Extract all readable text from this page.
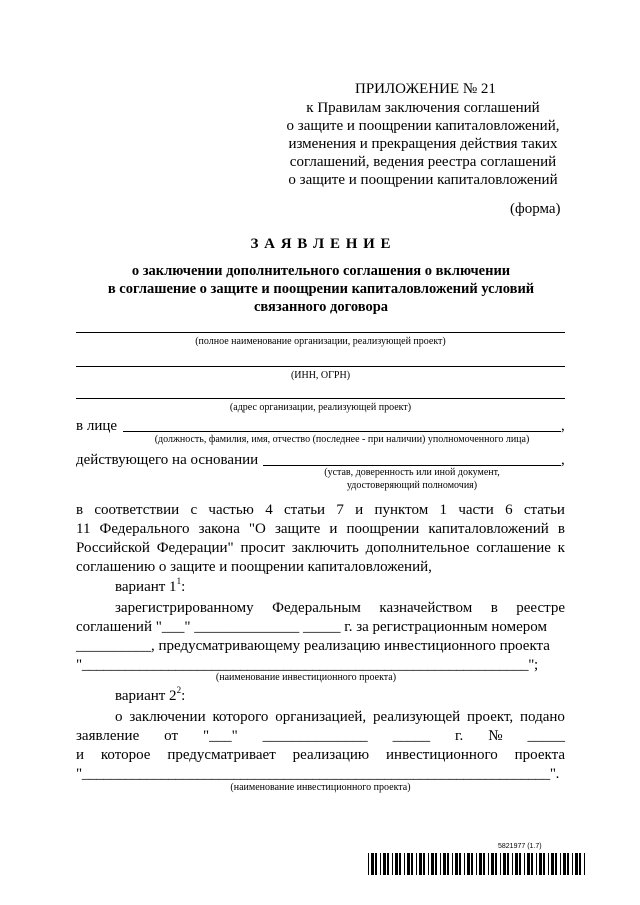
ПРИЛОЖЕНИЕ № 21
к Правилам заключения соглашений
о защите и поощрении капиталовложений,
изменения и прекращения действия таких
соглашений, ведения реестра соглашений
о защите и поощрении капиталовложений
(форма)
З А Я В Л Е Н И Е
о заключении дополнительного соглашения о включении
в соглашение о защите и поощрении капиталовложений условий
связанного договора
(полное наименование организации, реализующей проект)
(ИНН, ОГРН)
(адрес организации, реализующей проект)
в лице	,
(должность, фамилия, имя, отчество (последнее - при наличии) уполномоченного лица)
действующего на основании	,
(устав, доверенность или иной документ,
удостоверяющий полномочия)
в соответствии с частью 4 статьи 7 и пунктом 1 части 6 статьи
11 Федерального закона "О защите и поощрении капиталовложений в
Российской Федерации" просит заключить дополнительное соглашение к
соглашению о защите и поощрении капиталовложений,
вариант $1^1$:
зарегистрированному Федеральным казначейством в реестре
соглашений "___" ______________ _____ г. за регистрационным номером
__________, предусматривающему реализацию инвестиционного проекта
"______________________________________________________________";
(наименование инвестиционного проекта)
вариант $2^2$:
о заключении которого организацией, реализующей проект, подано
заявление от "___" ______________ _____ г. № _____
и которое предусматривает реализацию инвестиционного проекта
"_________________________________________________________________".
(наименование инвестиционного проекта)
5821977 (1.7)
